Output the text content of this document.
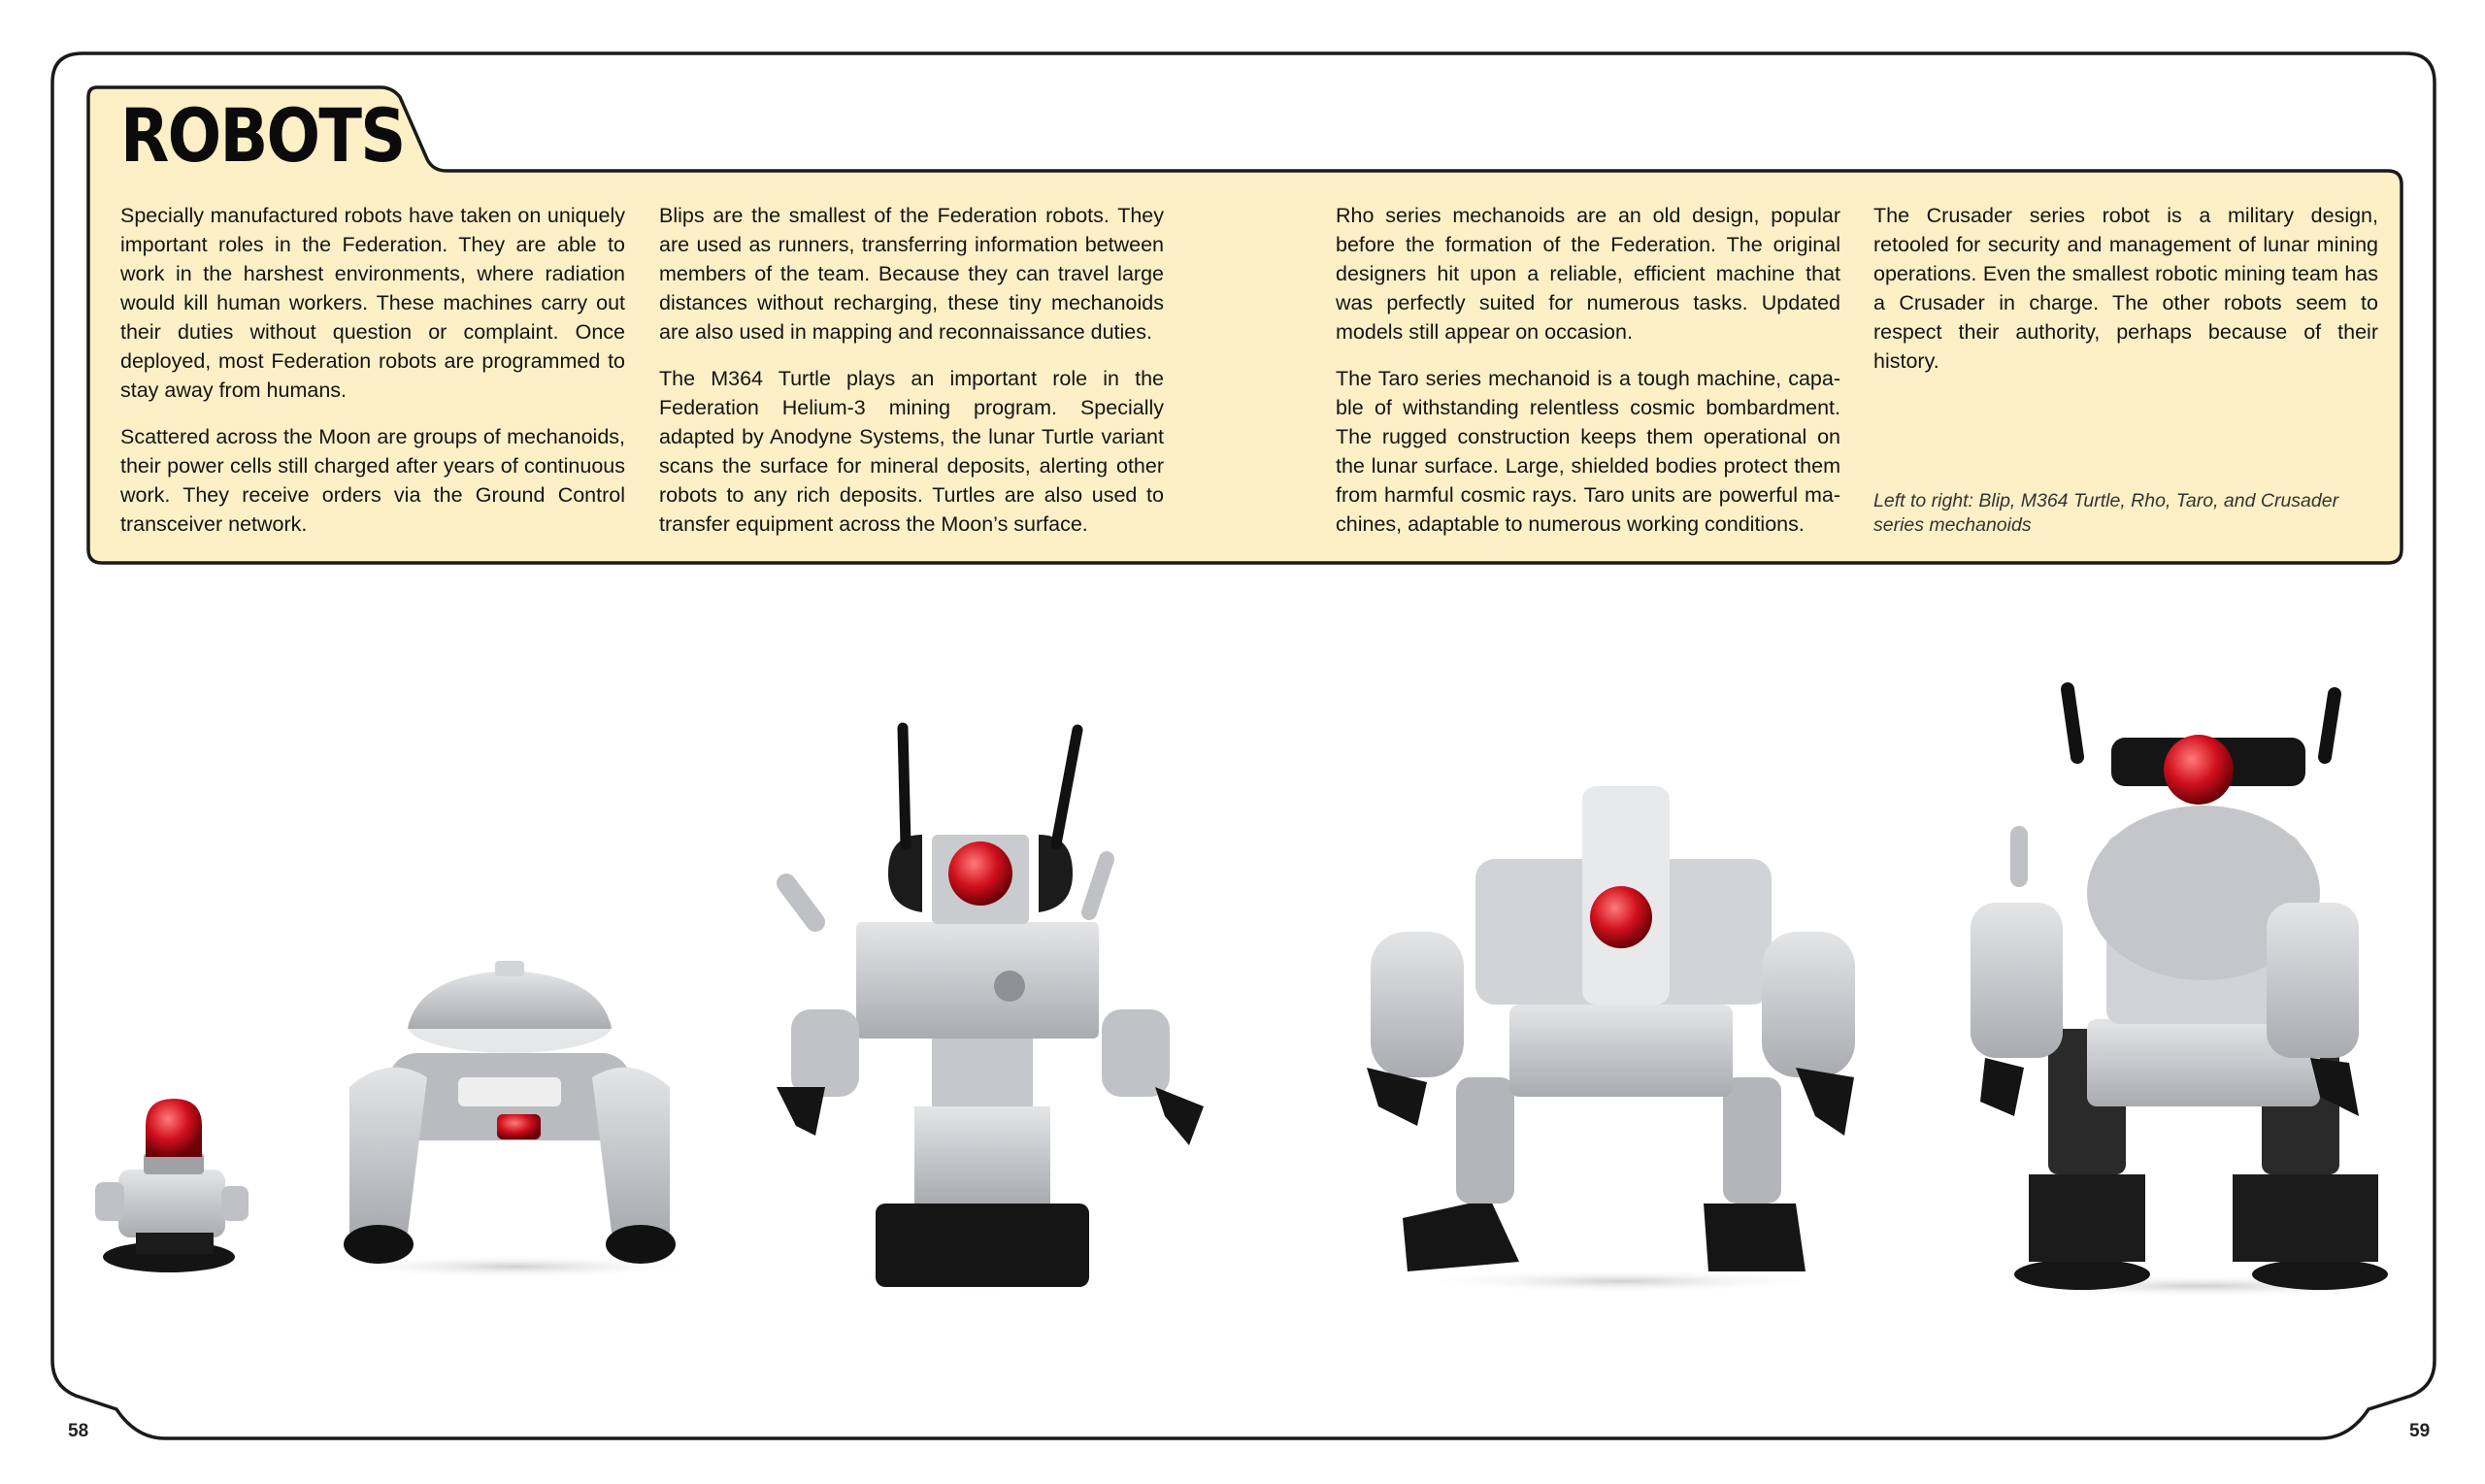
ROBOTS

Specially manufactured robots have taken on uniquely important roles in the Federation. They are able to work in the harshest environments, where radiation would kill human workers. These machines carry out their duties without question or complaint. Once deployed, most Federation robots are programmed to stay away from humans.

Scattered across the Moon are groups of mechanoids, their power cells still charged after years of continuous work. They receive orders via the Ground Control transceiver network.

Blips are the smallest of the Federation robots. They are used as runners, transferring information between members of the team. Because they can travel large distances without recharging, these tiny mechanoids are also used in mapping and reconnaissance duties.

The M364 Turtle plays an important role in the Federation Helium-3 mining program. Specially adapted by Anodyne Systems, the lunar Turtle variant scans the surface for mineral deposits, alerting other robots to any rich deposits. Turtles are also used to transfer equipment across the Moon’s surface.

Rho series mechanoids are an old design, popular before the formation of the Federation. The original designers hit upon a reliable, efficient machine that was perfectly suited for numerous tasks. Updated models still appear on occasion.

The Taro series mechanoid is a tough machine, capable of withstanding relentless cosmic bombardment. The rugged construction keeps them operational on the lunar surface. Large, shielded bodies protect them from harmful cosmic rays. Taro units are powerful machines, adaptable to numerous working conditions.

The Crusader series robot is a military design, retooled for security and management of lunar mining operations. Even the smallest robotic mining team has a Crusader in charge. The other robots seem to respect their authority, perhaps because of their history.

Left to right: Blip, M364 Turtle, Rho, Taro, and Crusader series mechanoids

58	59
